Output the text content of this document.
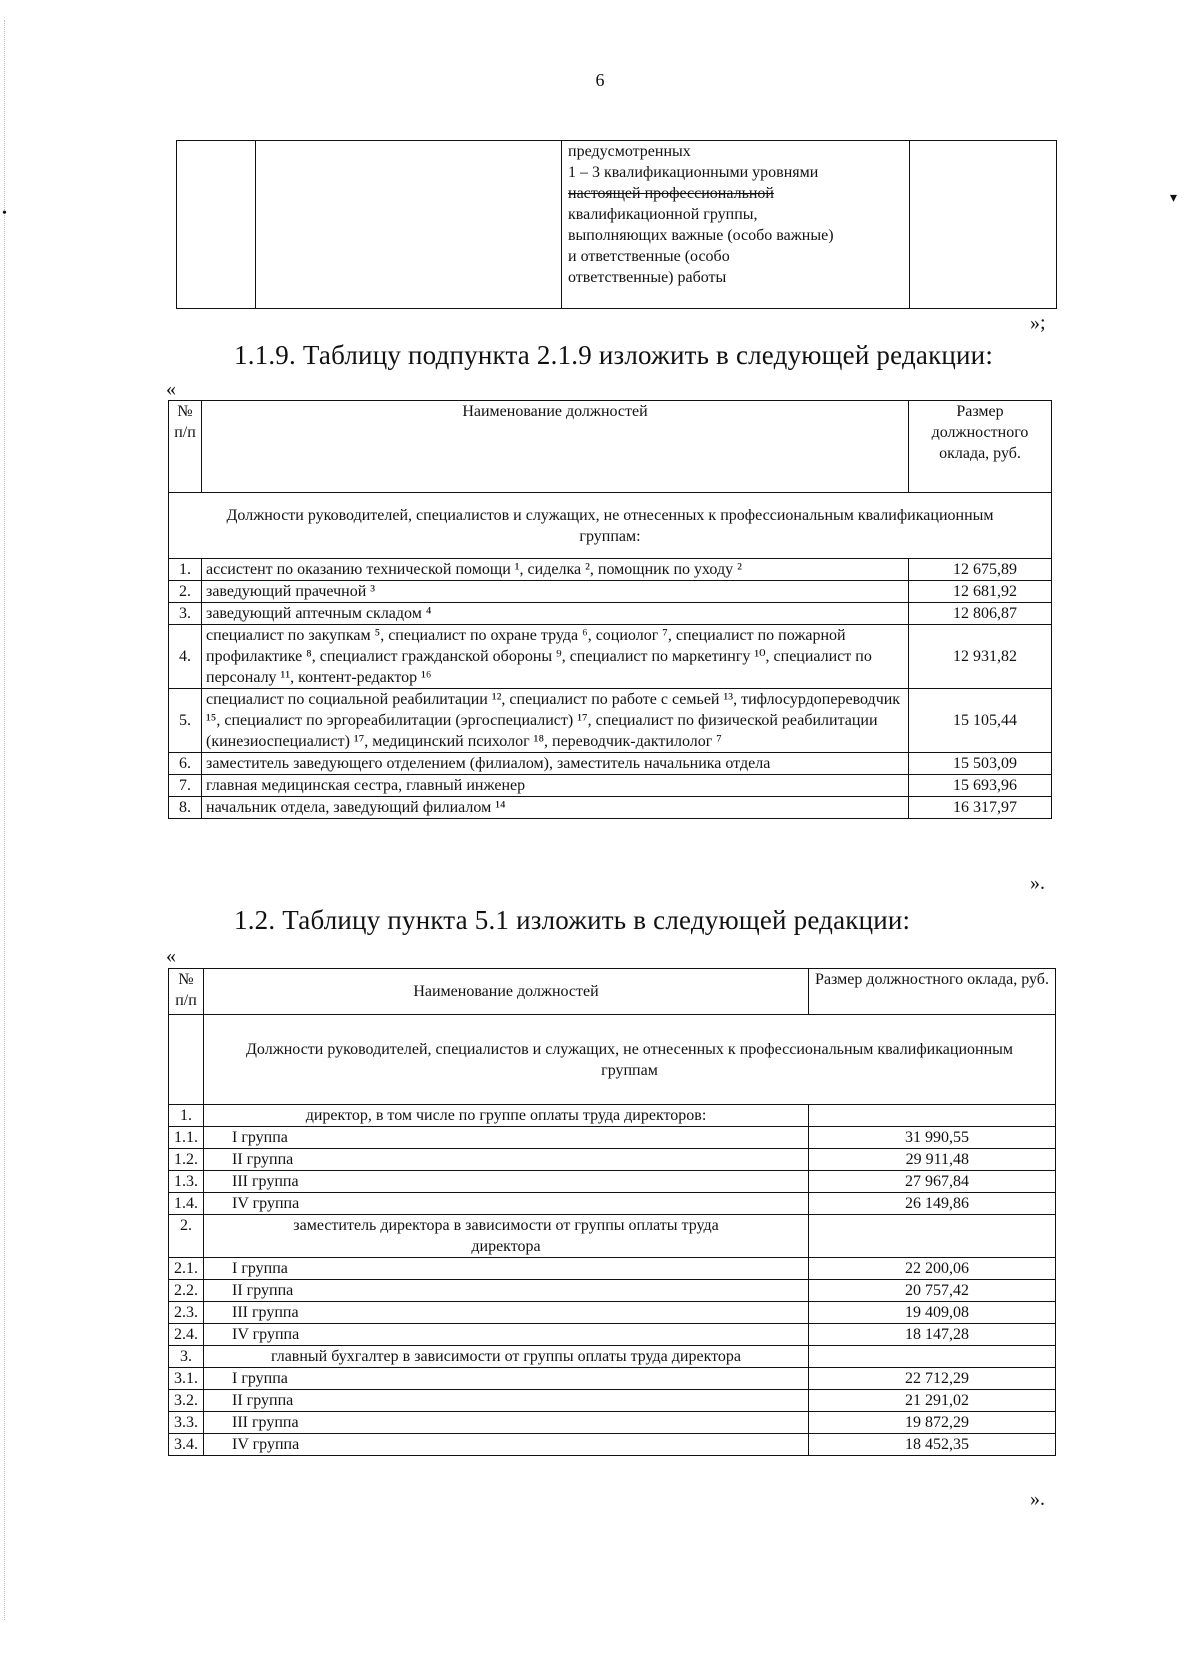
•
▾
6

предусмотренных
1 – 3 квалификационными уровнями
настоящей профессиональной
квалификационной группы,
выполняющих важные (особо важные)
и ответственные (особо
ответственные) работы

»;
1.1.9. Таблицу подпункта 2.1.9 изложить в следующей редакции:
«
№ п/п	Наименование должностей	Размер должностного оклада, руб.
Должности руководителей, специалистов и служащих, не отнесенных к профессиональным квалификационным группам:		
1.	ассистент по оказанию технической помощи ¹, сиделка ², помощник по уходу ²	12 675,89
2.	заведующий прачечной ³	12 681,92
3.	заведующий аптечным складом ⁴	12 806,87
4.	специалист по закупкам ⁵, специалист по охране труда ⁶, социолог ⁷, специалист по пожарной профилактике ⁸, специалист гражданской обороны ⁹, специалист по маркетингу ¹⁰, специалист по персоналу ¹¹, контент-редактор ¹⁶	12 931,82
5.	специалист по социальной реабилитации ¹², специалист по работе с семьей ¹³, тифлосурдопереводчик ¹⁵, специалист по эргореабилитации (эргоспециалист) ¹⁷, специалист по физической реабилитации (кинезиоспециалист) ¹⁷, медицинский психолог ¹⁸, переводчик-дактилолог ⁷	15 105,44
6.	заместитель заведующего отделением (филиалом), заместитель начальника отдела	15 503,09
7.	главная медицинская сестра, главный инженер	15 693,96
8.	начальник отдела, заведующий филиалом ¹⁴	16 317,97
».
1.2. Таблицу пункта 5.1 изложить в следующей редакции:
«
№ п/п	Наименование должностей	Размер должностного оклада, руб.
	Должности руководителей, специалистов и служащих, не отнесенных к профессиональным квалификационным группам	
1.	директор, в том числе по группе оплаты труда директоров:	
1.1.	I группа	31 990,55
1.2.	II группа	29 911,48
1.3.	III группа	27 967,84
1.4.	IV группа	26 149,86
2.	заместитель директора в зависимости от группы оплаты труда директора	
2.1.	I группа	22 200,06
2.2.	II группа	20 757,42
2.3.	III группа	19 409,08
2.4.	IV группа	18 147,28
3.	главный бухгалтер в зависимости от группы оплаты труда директора	
3.1.	I группа	22 712,29
3.2.	II группа	21 291,02
3.3.	III группа	19 872,29
3.4.	IV группа	18 452,35
».
